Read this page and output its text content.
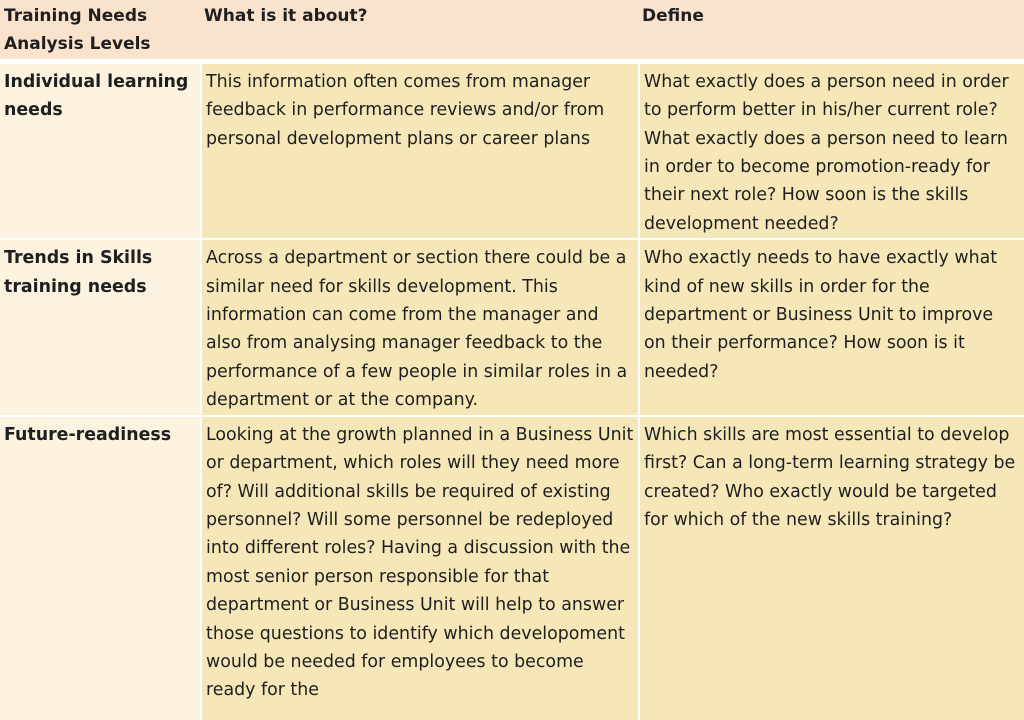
Training Needs Analysis Levels	What is it about?	Define
Individual learning needs	This information often comes from manager feedback in performance reviews and/or from personal development plans or career plans	What exactly does a person need in order to perform better in his/her current role? What exactly does a person need to learn in order to become promotion-ready for their next role? How soon is the skills development needed?
Trends in Skills training needs	Across a department or section there could be a similar need for skills development. This information can come from the manager and also from analysing manager feedback to the performance of a few people in similar roles in a department or at the company.	Who exactly needs to have exactly what kind of new skills in order for the department or Business Unit to improve on their performance? How soon is it needed?
Future-readiness	Looking at the growth planned in a Business Unit or department, which roles will they need more of? Will additional skills be required of existing personnel? Will some personnel be redeployed into different roles? Having a discussion with the most senior person responsible for that department or Business Unit will help to answer those questions to identify which developoment would be needed for employees to become ready for the	Which skills are most essential to develop first? Can a long-term learning strategy be created? Who exactly would be targeted for which of the new skills training?
